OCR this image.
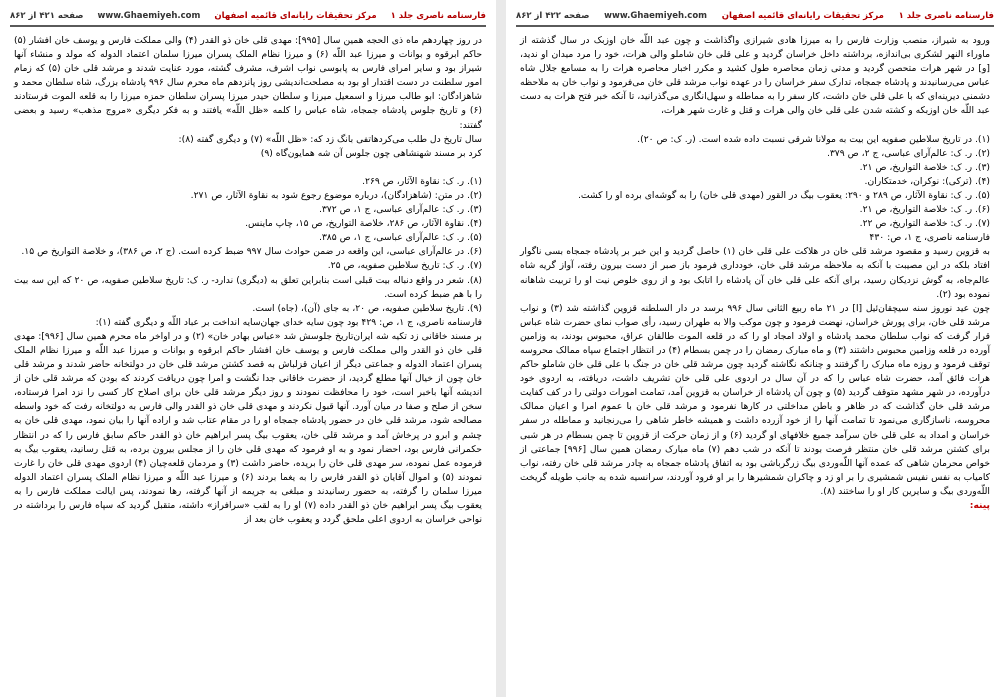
صفحه ۴۲۱ از ۸۶۲ www.Ghaemiyeh.com مرکز تحقیقات رایانه‌ای قائمیه اصفهان فارسنامه ناصری جلد ۱

در روز چهاردهم ماه ذی الحجه همین سال [۹۹۵]: مهدی قلی خان ذو القدر (۴) والی مملکت فارس و یوسف خان افشار (۵) حاکم ابرقوه و بوانات و میرزا عبد اللّه (۶) و میرزا نظام الملک پسران میرزا سلمان اعتماد الدوله که مولد و منشاء آنها شیراز بود و سایر امرای فارس به پابوسی نواب اشرف، مشرف گشته، مورد عنایت شدند و مرشد قلی خان (۵) که زمام امور سلطنت در دست اقتدار او بود به مصلحت‌اندیشی روز پانزدهم ماه محرم سال ۹۹۶ پادشاه بزرگ، شاه سلطان محمد و شاهزادگان: ابو طالب میرزا و اسمعیل میرزا و سلطان حیدر میرزا پسران سلطان حمزه میرزا را به قلعه الموت فرستادند (۶) و تاریخ جلوس پادشاه جمجاه، شاه عباس را کلمه «ظل اللّه» یافتند و به فکر دیگری «مروج مذهب» رسید و بعضی گفتند:

سال تاریخ دل طلب می‌کردهاتفی بانگ زد که: «ظل اللّه» (۷) و دیگری گفته (۸):

کرد بر مسند شهنشاهی چون جلوس آن شه همایون‌گاه (۹)

(۱). ر. ک: نقاوة الآثار، ص ۲۶۹.

(۲). در متن: (شاهزادگان)، درباره موضوع رجوع شود به نقاوة الآثار، ص ۲۷۱.

(۳). ر. ک: عالم‌آرای عباسی، ج ۱، ص ۳۷۲.

(۴). نقاوة الآثار، ص ۲۸۶، خلاصة التواریخ، ص ۱۵، چاپ ماینس.

(۵). ر. ک: عالم‌آرای عباسی، ج ۱، ص ۳۸۵.

(۶). در عالم‌آرای عباسی، این واقعه در ضمن حوادث سال ۹۹۷ ضبط کرده است. (ج ۲، ص ۳۸۶)، و خلاصة التواریخ ص ۱۵.

(۷). ر. ک: تاریخ سلاطین صفویه، ص ۲۵.

(۸). شعر در واقع دنباله بیت قبلی است بنابراین تعلق به (دیگری) ندارد- ر. ک: تاریخ سلاطین صفویه، ص ۲۰ که این سه بیت را با هم ضبط کرده است.

(۹). تاریخ سلاطین صفویه، ص ۲۰، به جای (آن)، (جاه) است.

فارسنامه ناصری، ج ۱، ص: ۴۲۹ بود چون سایه خدای جهان‌سایه انداخت بر عباد اللّه و دیگری گفته (۱):

بر مسند خاقانی زد تکیه شه ایران‌تاریخ جلوسش شد «عباس بهادر خان» (۲) و در اواخر ماه محرم همین سال [۹۹۶]: مهدی قلی خان ذو القدر والی مملکت فارس و یوسف خان افشار حاکم ابرقوه و بوانات و میرزا عبد اللّه و میرزا نظام الملک پسران اعتماد الدوله و جماعتی دیگر از اعیان قزلباش به قصد کشتن مرشد قلی خان در دولتخانه حاضر شدند و مرشد قلی خان چون از خیال آنها مطلع گردید، از حضرت خاقانی جدا نگشت و امرا چون دریافت کردند که بودن که مرشد قلی خان از اندیشه آنها باخبر است، خود را محافظت نمودند و روز دیگر مرشد قلی خان برای اصلاح کار کسی را نزد امرا فرستاده، سخن از صلح و صفا در میان آورد. آنها قبول نکردند و مهدی قلی خان ذو القدر والی فارس به دولتخانه رفت که خود واسطه مصالحه شود، مرشد قلی خان در حضور پادشاه جمجاه او را در مقام عتاب شد و اراده آنها را بیان نمود، مهدی قلی خان به چشم و ابرو در پرخاش آمد و مرشد قلی خان، یعقوب بیگ پسر ابراهیم خان ذو القدر حاکم سابق فارس را که در انتظار حکمرانی فارس بود، احضار نمود و به او فرمود که مهدی قلی خان را از مجلس بیرون برده، به قتل رسانید، یعقوب بیگ به فرموده عمل نموده، سر مهدی قلی خان را بریده، حاضر داشت (۳) و مردمان قلعه‌چیان (۴) اردوی مهدی قلی خان را غارت نمودند (۵) و اموال آقایان ذو القدر فارس را به یغما بردند (۶) و میرزا عبد اللّه و میرزا نظام الملک پسران اعتماد الدوله میرزا سلمان را گرفته، به حضور رسانیدند و مبلغی به جریمه از آنها گرفته، رها نمودند، پس ایالت مملکت فارس را به یعقوب بیگ پسر ابراهیم خان ذو القدر داده (۷) او را به لقب «سرافراز» داشته، متقبل گردید که سپاه فارس را برداشته در نواحی خراسان به اردوی اعلی ملحق گردد و یعقوب خان بعد از

صفحه ۴۲۲ از ۸۶۲ www.Ghaemiyeh.com مرکز تحقیقات رایانه‌ای قائمیه اصفهان فارسنامه ناصری جلد ۱

ورود به شیراز، منصب وزارت فارس را به میرزا هادی شیرازی واگذاشت و چون عبد اللّه خان اوزبک در سال گذشته از ماوراء النهر لشکری بی‌اندازه، برداشته داخل خراسان گردید و علی قلی خان شاملو والی هرات، خود را مرد میدان او ندید، [و] در شهر هرات متحصن گردید و مدتی زمان محاصره طول کشید و مکرر اخبار محاصره هرات را به مسامع جلال شاه عباس می‌رسانیدند و پادشاه جمجاه، تدارک سفر خراسان را در عهده نواب مرشد قلی خان می‌فرمود و نواب خان به ملاحظه دشمنی دیرینه‌ای که با علی قلی خان داشت، کار سفر را به مماطله و سهل‌انگاری می‌گذرانید، تا آنکه خبر فتح هرات به دست عبد اللّه خان اوزبکه و کشته شدن علی قلی خان والی هرات و قتل و غارت شهر هرات،

(۱). در تاریخ سلاطین صفویه این بیت به مولانا شرقی نسبت داده شده است. (ر. ک: ص ۲۰).

(۲). ر. ک: عالم‌آرای عباسی، ج ۲، ص ۳۷۹.

(۳). ر. ک: خلاصة التواریخ، ص ۲۱.

(۴). (ترکی): نوکران، خدمتکاران.

(۵). ر. ک: نقاوة الآثار، ص ۲۸۹ و ۲۹۰: یعقوب بیگ در القور (مهدی قلی خان) را به گوشه‌ای برده او را کشت.

(۶). ر. ک: خلاصة التواریخ، ص ۲۱.

(۷). ر. ک: خلاصة التواریخ، ص ۲۲.

فارسنامه ناصری، ج ۱، ص: ۴۳۰

به قزوین رسید و مقصود مرشد قلی خان در هلاکت علی قلی خان (۱) حاصل گردید و این خبر بر پادشاه جمجاه بسی ناگوار افتاد بلکه در این مصیبت با آنکه به ملاحظه مرشد قلی خان، خودداری فرمود باز صبر از دست بیرون رفته، آواز گریه شاه عالم‌جاه، به گوش نزدیکان رسید، برای آنکه علی قلی خان آن پادشاه را اتابک بود و از روی خلوص نیت او را تربیت شاهانه نموده بود (۲).

چون عید نوروز سنه سیچقان‌ئیل [ا] در ۲۱ ماه ربیع الثانی سال ۹۹۶ برسد در دار السلطنه قزوین گذاشته شد (۳) و نواب مرشد قلی خان، برای پورش خراسان، نهضت فرمود و چون موکب والا به طهران رسید، رأی صواب نمای حضرت شاه عباس قرار گرفت که نواب سلطان محمد پادشاه و اولاد امجاد او را که در قلعه الموت طالقان عراق، محبوس بودند، به وزامین آورده در قلعه وزامین محبوس داشتند (۳) و ماه مبارک رمضان را در چمن بسطام (۴) در انتظار اجتماع سپاه ممالک محروسه توقف فرمود و روزه ماه مبارک را گرفتند و چنانکه نگاشته گردید چون مرشد قلی خان در جنگ با علی قلی خان شاملو حاکم هرات فائق آمد، حضرت شاه عباس را که در آن سال در اردوی علی قلی خان تشریف داشت، دریافته، به اردوی خود درآورده، در شهر مشهد متوقف گردید (۵) و چون آن پادشاه از خراسان به قزوین آمد، تمامت امورات دولتی را در کف کفایت مرشد قلی خان گذاشت که در ظاهر و باطن مداخلتی در کارها نفرمود و مرشد قلی خان با عموم امرا و اعیان ممالک محروسه، ناسازگاری می‌نمود تا تمامت آنها را از خود آزرده داشت و همیشه خاطر شاهی را می‌رنجانید و مماطله در سفر خراسان و امداد به علی قلی خان سرآمد جمیع خلافهای او گردید (۶) و از زمان حرکت از قزوین تا چمن بسطام در هر شبی برای کشتن مرشد قلی خان منتظر فرصت بودند تا آنکه در شب دهم (۷) ماه مبارک رمضان همین سال [۹۹۶] جماعتی از خواص محرمان شاهی که عمده آنها اللّه‌وردی بیگ زرگرباشی بود به اتفاق پادشاه جمجاه به چادر مرشد قلی خان رفته، نواب کامیاب به نفس نفیس شمشیری را بر او زد و چاکران شمشیرها را بر او فرود آوردند، سرانسیه شده به جانب طویله گریخت اللّه‌وردی بیگ و سایرین کار او را ساختند (۸).

پینه:
